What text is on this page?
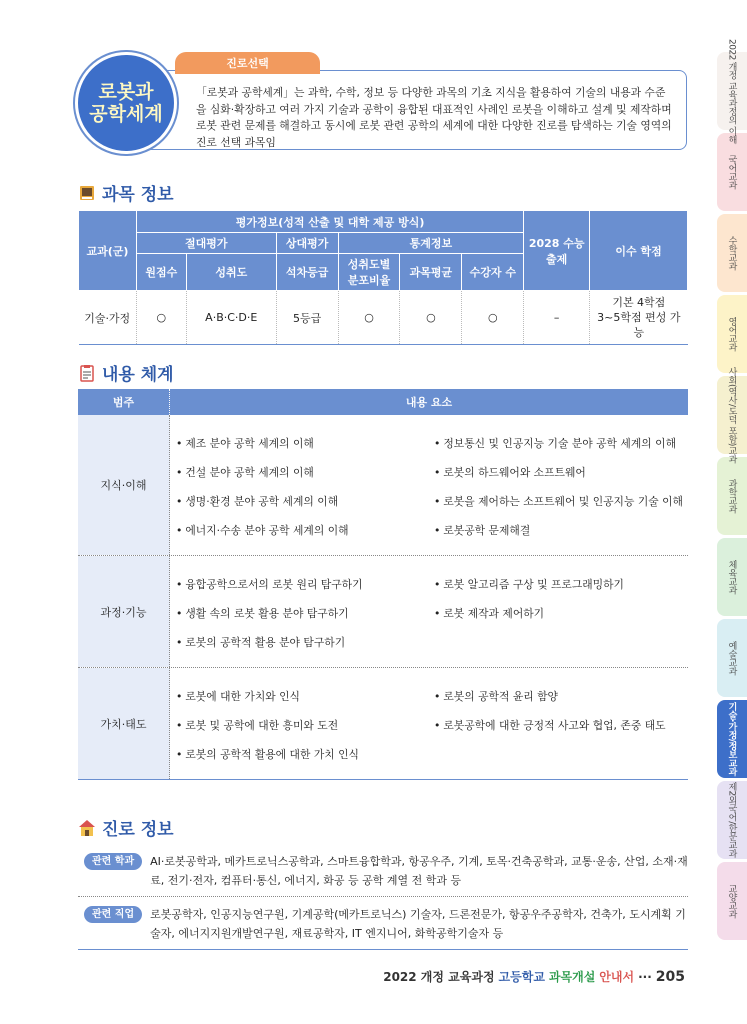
2022 개정 교육과정의 이해
국어교과
수학교과
영어교과
사회(역사/도덕 포함)교과
과학교과
체육교과
예술교과
기술·가정/정보교과
제2외국어/한문교과
교양교과

「로봇과 공학세계」는 과학, 수학, 정보 등 다양한 과목의 기초 지식을 활용하여 기술의 내용과 수준을 심화·확장하고 여러 가지 기술과 공학이 융합된 대표적인 사례인 로봇을 이해하고 설계 및 제작하며 로봇 관련 문제를 해결하고 동시에 로봇 관련 공학의 세계에 대한 다양한 진로를 탐색하는 기술 영역의 진로 선택 과목임

진로선택
로봇과
공학세계
과목 정보
교과(군)	평가정보(성적 산출 및 대학 제공 방식)						2028 수능 출제	이수 학점
	절대평가		상대평가	통계정보				
	원점수	성취도	석차등급	성취도별 분포비율	과목평균	수강자 수		
기술·가정	○	A·B·C·D·E	5등급	○	○	○	–	기본 4학점
3~5학점 편성 가능
내용 체계
범주	내용 요소
지식·이해
• 제조 분야 공학 세계의 이해	• 정보통신 및 인공지능 기술 분야 공학 세계의 이해
• 건설 분야 공학 세계의 이해	• 로봇의 하드웨어와 소프트웨어
• 생명·환경 분야 공학 세계의 이해	• 로봇을 제어하는 소프트웨어 및 인공지능 기술 이해
• 에너지·수송 분야 공학 세계의 이해	• 로봇공학 문제해결
과정·기능
• 융합공학으로서의 로봇 원리 탐구하기	• 로봇 알고리즘 구상 및 프로그래밍하기
• 생활 속의 로봇 활용 분야 탐구하기	• 로봇 제작과 제어하기
• 로봇의 공학적 활용 분야 탐구하기
가치·태도
• 로봇에 대한 가치와 인식	• 로봇의 공학적 윤리 함양
• 로봇 및 공학에 대한 흥미와 도전	• 로봇공학에 대한 긍정적 사고와 협업, 존중 태도
• 로봇의 공학적 활용에 대한 가치 인식
진로 정보
관련 학과	AI·로봇공학과, 메카트로닉스공학과, 스마트융합학과, 항공우주, 기계, 토목·건축공학과, 교통·운송, 산업, 소재·재료, 전기·전자, 컴퓨터·통신, 에너지, 화공 등 공학 계열 전 학과 등
관련 직업	로봇공학자, 인공지능연구원, 기계공학(메카트로닉스) 기술자, 드론전문가, 항공우주공학자, 건축가, 도시계획 기술자, 에너지지원개발연구원, 재료공학자, IT 엔지니어, 화학공학기술자 등
2022 개정 교육과정 고등학교 과목개설 안내서 ··· 205
